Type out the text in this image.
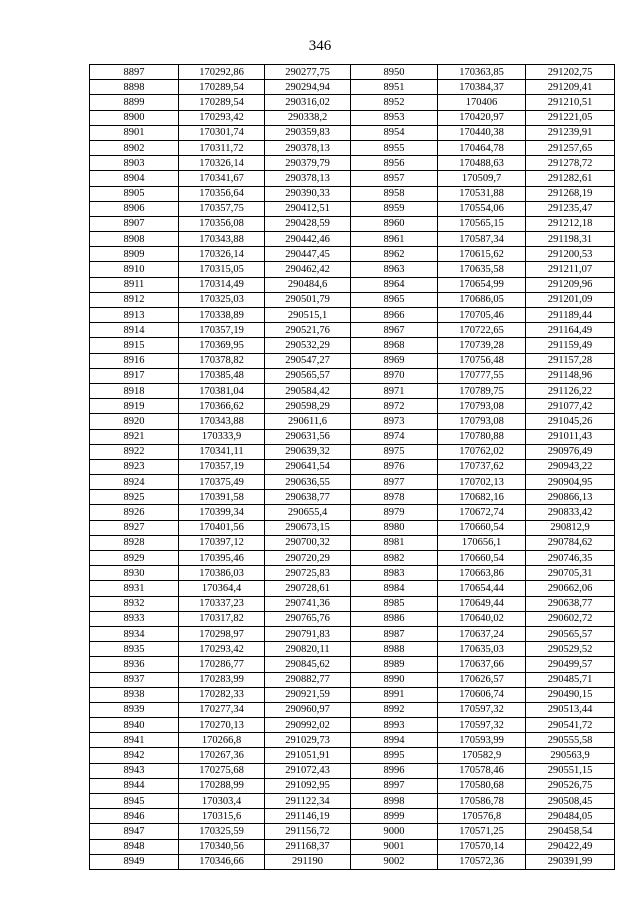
346
8897	170292,86	290277,75	8950	170363,85	291202,75
8898	170289,54	290294,94	8951	170384,37	291209,41
8899	170289,54	290316,02	8952	170406	291210,51
8900	170293,42	290338,2	8953	170420,97	291221,05
8901	170301,74	290359,83	8954	170440,38	291239,91
8902	170311,72	290378,13	8955	170464,78	291257,65
8903	170326,14	290379,79	8956	170488,63	291278,72
8904	170341,67	290378,13	8957	170509,7	291282,61
8905	170356,64	290390,33	8958	170531,88	291268,19
8906	170357,75	290412,51	8959	170554,06	291235,47
8907	170356,08	290428,59	8960	170565,15	291212,18
8908	170343,88	290442,46	8961	170587,34	291198,31
8909	170326,14	290447,45	8962	170615,62	291200,53
8910	170315,05	290462,42	8963	170635,58	291211,07
8911	170314,49	290484,6	8964	170654,99	291209,96
8912	170325,03	290501,79	8965	170686,05	291201,09
8913	170338,89	290515,1	8966	170705,46	291189,44
8914	170357,19	290521,76	8967	170722,65	291164,49
8915	170369,95	290532,29	8968	170739,28	291159,49
8916	170378,82	290547,27	8969	170756,48	291157,28
8917	170385,48	290565,57	8970	170777,55	291148,96
8918	170381,04	290584,42	8971	170789,75	291126,22
8919	170366,62	290598,29	8972	170793,08	291077,42
8920	170343,88	290611,6	8973	170793,08	291045,26
8921	170333,9	290631,56	8974	170780,88	291011,43
8922	170341,11	290639,32	8975	170762,02	290976,49
8923	170357,19	290641,54	8976	170737,62	290943,22
8924	170375,49	290636,55	8977	170702,13	290904,95
8925	170391,58	290638,77	8978	170682,16	290866,13
8926	170399,34	290655,4	8979	170672,74	290833,42
8927	170401,56	290673,15	8980	170660,54	290812,9
8928	170397,12	290700,32	8981	170656,1	290784,62
8929	170395,46	290720,29	8982	170660,54	290746,35
8930	170386,03	290725,83	8983	170663,86	290705,31
8931	170364,4	290728,61	8984	170654,44	290662,06
8932	170337,23	290741,36	8985	170649,44	290638,77
8933	170317,82	290765,76	8986	170640,02	290602,72
8934	170298,97	290791,83	8987	170637,24	290565,57
8935	170293,42	290820,11	8988	170635,03	290529,52
8936	170286,77	290845,62	8989	170637,66	290499,57
8937	170283,99	290882,77	8990	170626,57	290485,71
8938	170282,33	290921,59	8991	170606,74	290490,15
8939	170277,34	290960,97	8992	170597,32	290513,44
8940	170270,13	290992,02	8993	170597,32	290541,72
8941	170266,8	291029,73	8994	170593,99	290555,58
8942	170267,36	291051,91	8995	170582,9	290563,9
8943	170275,68	291072,43	8996	170578,46	290551,15
8944	170288,99	291092,95	8997	170580,68	290526,75
8945	170303,4	291122,34	8998	170586,78	290508,45
8946	170315,6	291146,19	8999	170576,8	290484,05
8947	170325,59	291156,72	9000	170571,25	290458,54
8948	170340,56	291168,37	9001	170570,14	290422,49
8949	170346,66	291190	9002	170572,36	290391,99
